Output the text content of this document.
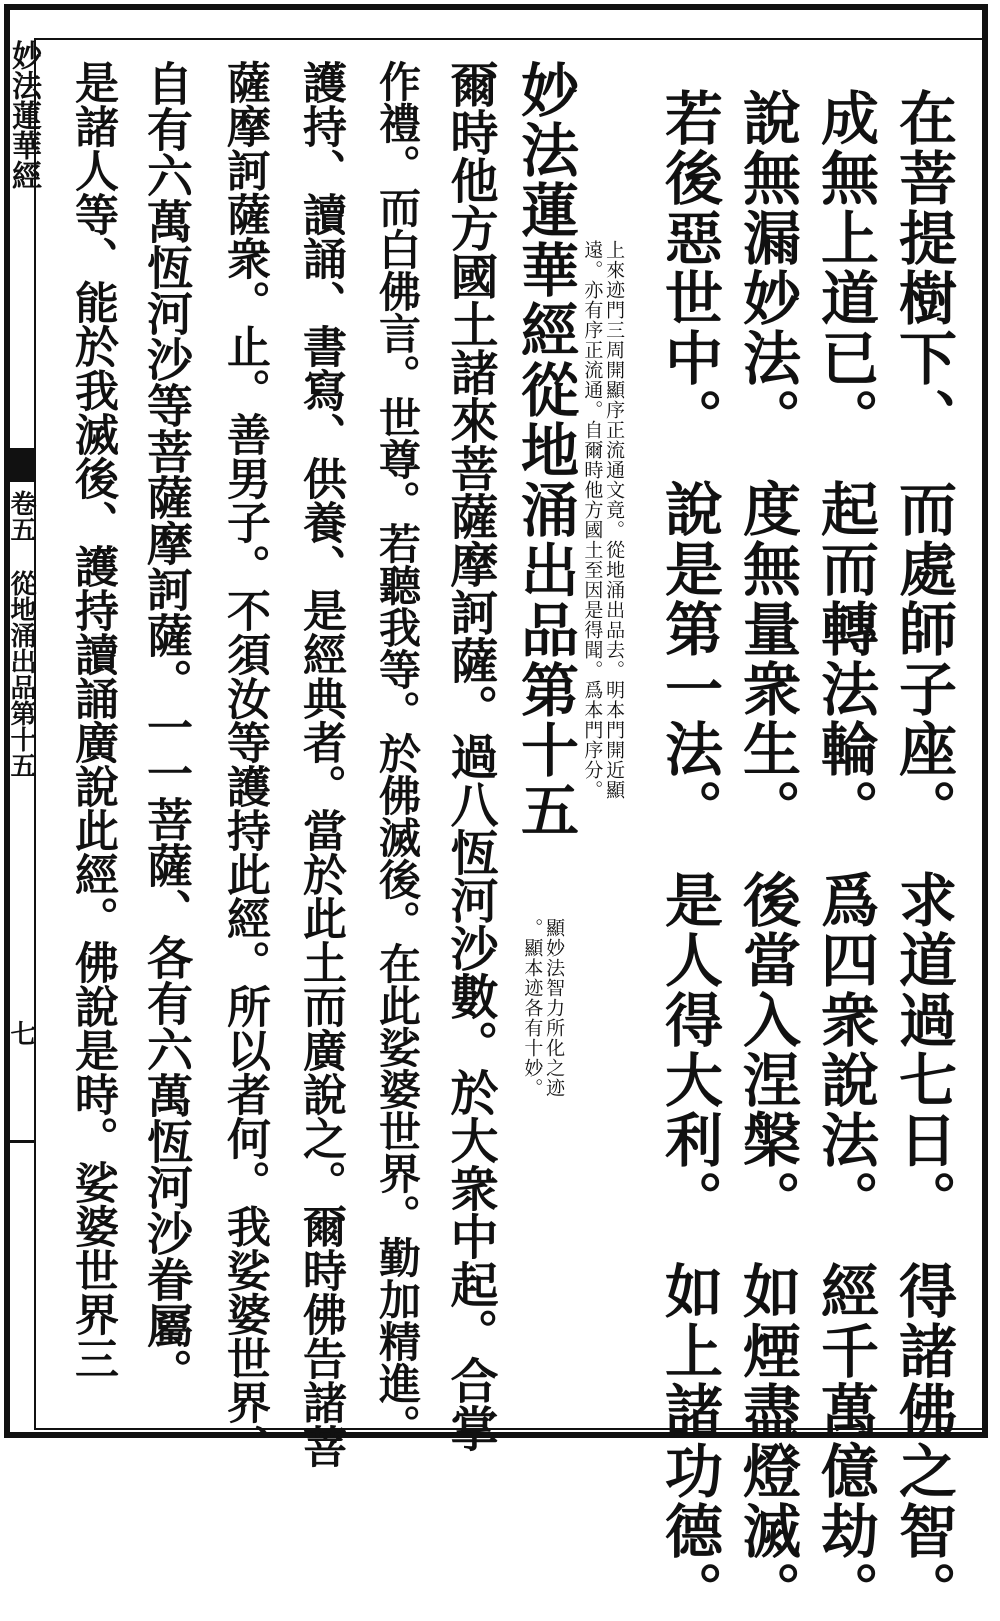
妙法蓮華經
卷五
從地涌出品第十五
七	在菩提樹下、　而處師子座。　求道過七日。　得諸佛之智。
成無上道已。　起而轉法輪。　爲四衆說法。　經千萬億劫。
說無漏妙法。　度無量衆生。　後當入涅槃。　如煙盡燈滅。
若後惡世中。　說是第一法。　是人得大利。　如上諸功德。

上來迹門三周開顯序正流通文竟。從地涌出品去。明本門開近顯
遠。亦有序正流通。自爾時他方國土至因是得聞。爲本門序分。

妙法蓮華經從地涌出品第十五

顯妙法智力所化之迹
。顯本迹各有十妙。

爾時他方國土諸來菩薩摩訶薩。過八恆河沙數。於大衆中起。合掌
作禮。而白佛言。世尊。若聽我等。於佛滅後。在此娑婆世界。勤加精進。
護持、讀誦、書寫、供養、是經典者。當於此土而廣說之。爾時佛告諸菩
薩摩訶薩衆。止。善男子。不須汝等護持此經。所以者何。我娑婆世界、
自有六萬恆河沙等菩薩摩訶薩。一一菩薩、各有六萬恆河沙眷屬。
是諸人等、能於我滅後、護持讀誦廣說此經。佛說是時。娑婆世界三
